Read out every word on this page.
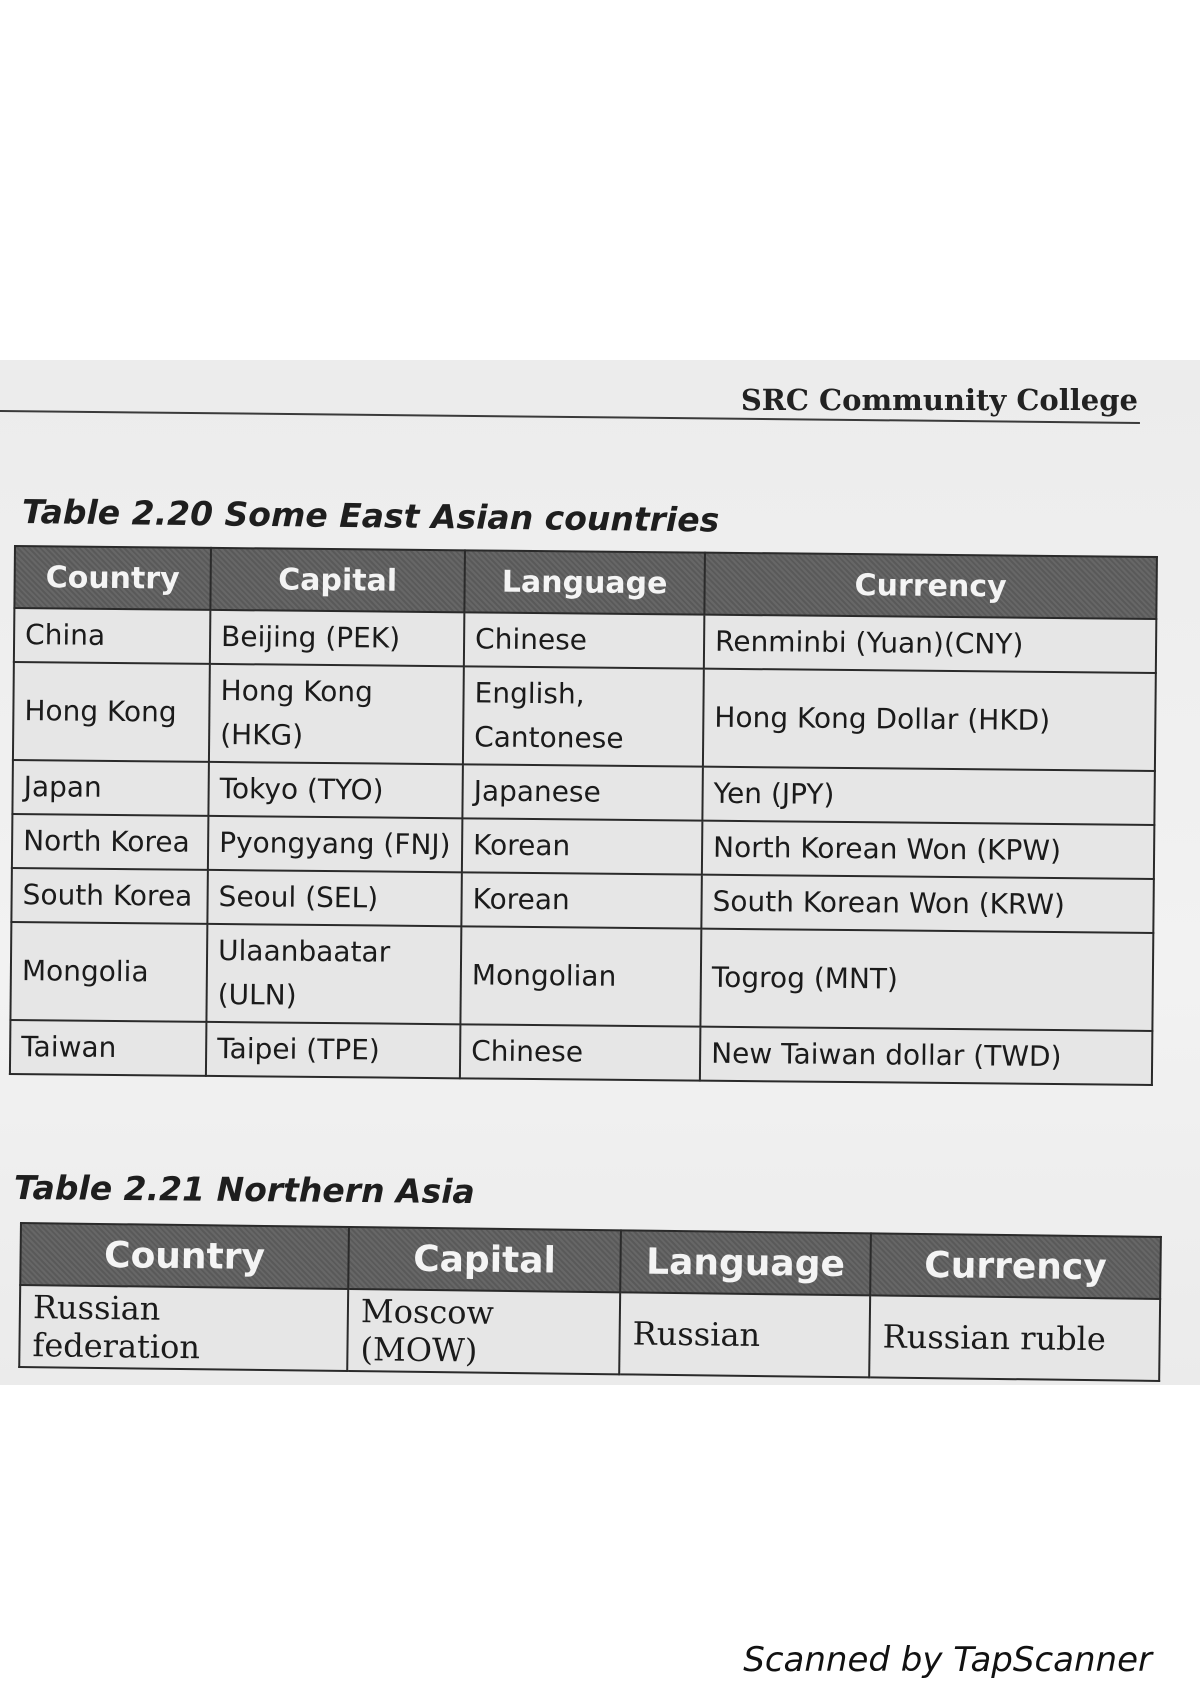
SRC Community College

Table 2.20 Some East Asian countries

Country	Capital	Language	Currency
China	Beijing (PEK)	Chinese	Renminbi (Yuan)(CNY)
Hong Kong	Hong Kong (HKG)	English, Cantonese	Hong Kong Dollar (HKD)
Japan	Tokyo (TYO)	Japanese	Yen (JPY)
North Korea	Pyongyang (FNJ)	Korean	North Korean Won (KPW)
South Korea	Seoul (SEL)	Korean	South Korean Won (KRW)
Mongolia	Ulaanbaatar (ULN)	Mongolian	Togrog (MNT)
Taiwan	Taipei (TPE)	Chinese	New Taiwan dollar (TWD)

Table 2.21 Northern Asia

Country	Capital	Language	Currency
Russian federation	Moscow (MOW)	Russian	Russian ruble
Scanned by TapScanner
